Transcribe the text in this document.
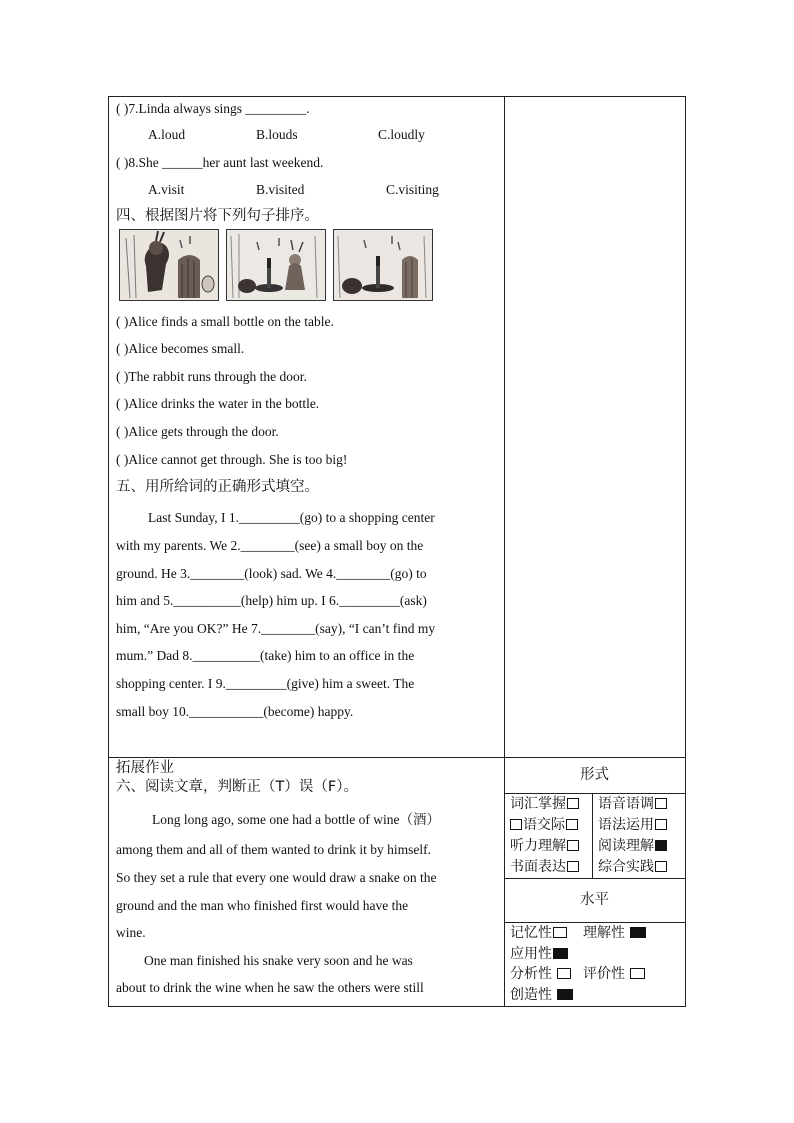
( )7.Linda always sings _________.
A.loud	B.louds	C.loudly
( )8.She ______her aunt last weekend.
A.visit	B.visited	C.visiting
四、根据图片将下列句子排序。
( )Alice finds a small bottle on the table.
( )Alice becomes small.
( )The rabbit runs through the door.
( )Alice drinks the water in the bottle.
( )Alice gets through the door.
( )Alice cannot get through. She is too big!
五、用所给词的正确形式填空。
Last Sunday, I 1._________(go) to a shopping center
with my parents. We 2.________(see) a small boy on the
ground. He 3.________(look) sad. We 4.________(go) to
him and 5.__________(help) him up. I 6._________(ask)
him, “Are you OK?” He 7.________(say), “I can’t find my
mum.” Dad 8.__________(take) him to an office in the
shopping center. I 9._________(give) him a sweet. The
small boy 10.___________(become) happy.
拓展作业
六、阅读文章，判断正（T）误（F）。
Long long ago, some one had a bottle of wine（酒）
among them and all of them wanted to drink it by himself.
So they set a rule that every one would draw a snake on the
ground and the man who finished first would have the
wine.
One man finished his snake very soon and he was
about to drink the wine when he saw the others were still
形式
词汇掌握	语音语调
语交际	语法运用
听力理解	阅读理解
书面表达	综合实践
水平
记忆性	理解性
应用性
分析性	评价性
创造性
